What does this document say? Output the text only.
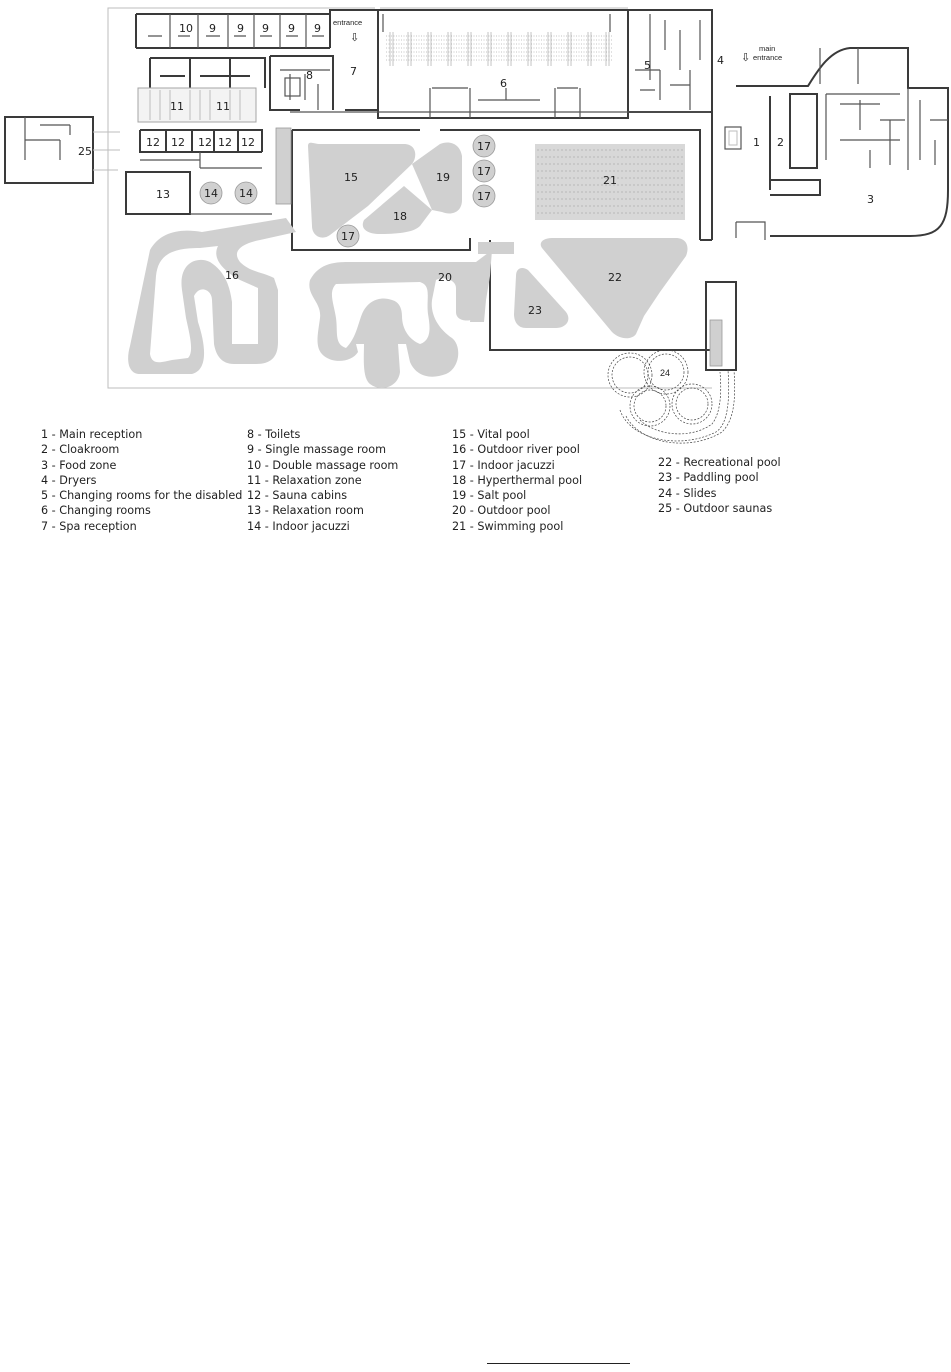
1 2
3
4
5
6
7
8
10 9 9 9 9 9
11	11
12 12 12 12 12
13	14 14
15
16
17
17
17
17
18
19
20
21
22
23
24
25
entrance
⇩
main
entrance
⇩
1 - Main reception
2 - Cloakroom
3 - Food zone
4 - Dryers
5 - Changing rooms for the disabled
6 - Changing rooms
7 - Spa reception
8 - Toilets
9 - Single massage room
10 - Double massage room
11 - Relaxation zone
12 - Sauna cabins
13 - Relaxation room
14 - Indoor jacuzzi
15 - Vital pool
16 - Outdoor river pool
17 - Indoor jacuzzi
18 - Hyperthermal pool
19 - Salt pool
20 - Outdoor pool
21 - Swimming pool
22 - Recreational pool
23 - Paddling pool
24 - Slides
25 - Outdoor saunas
